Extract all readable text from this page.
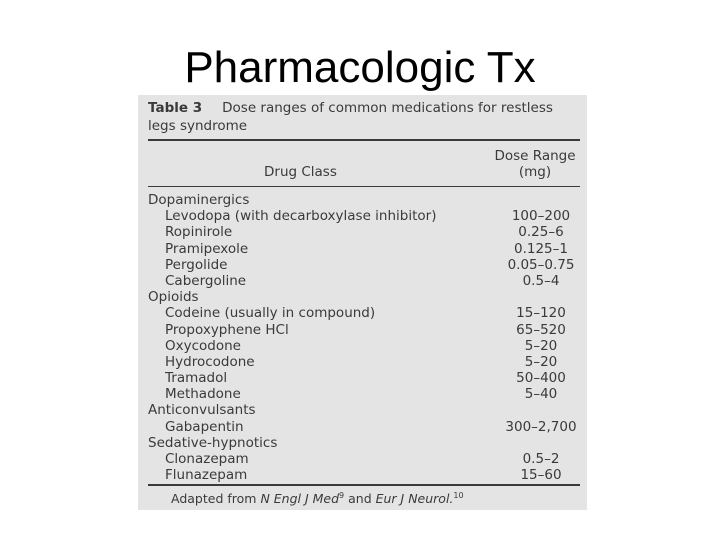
Pharmacologic Tx
Table 3 Dose ranges of common medications for restless legs syndrome
Drug Class
Dose Range
(mg)
Dopaminergics
Levodopa (with decarboxylase inhibitor)	100–200
Ropinirole	0.25–6
Pramipexole	0.125–1
Pergolide	0.05–0.75
Cabergoline	0.5–4
Opioids
Codeine (usually in compound)	15–120
Propoxyphene HCl	65–520
Oxycodone	5–20
Hydrocodone	5–20
Tramadol	50–400
Methadone	5–40
Anticonvulsants
Gabapentin	300–2,700
Sedative-hypnotics
Clonazepam	0.5–2
Flunazepam	15–60
Adapted from N Engl J Med$^9$ and Eur J Neurol.$^{10}$
